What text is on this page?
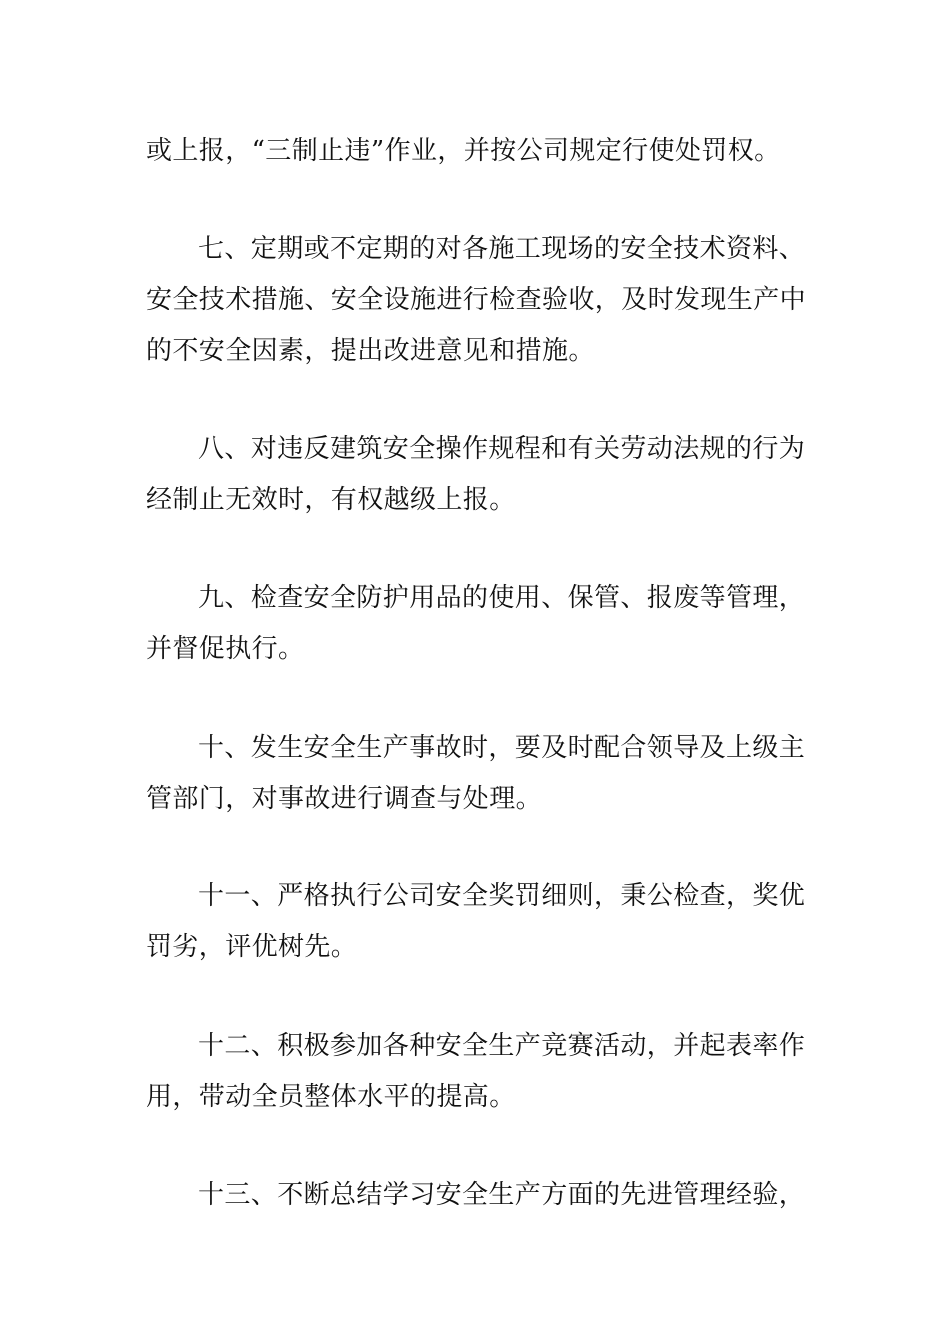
或上报，“三制止违”作业，并按公司规定行使处罚权。
七、定期或不定期的对各施工现场的安全技术资料、
安全技术措施、安全设施进行检查验收，及时发现生产中
的不安全因素，提出改进意见和措施。
八、对违反建筑安全操作规程和有关劳动法规的行为
经制止无效时，有权越级上报。
九、检查安全防护用品的使用、保管、报废等管理，
并督促执行。
十、发生安全生产事故时，要及时配合领导及上级主
管部门，对事故进行调查与处理。
十一、严格执行公司安全奖罚细则，秉公检查，奖优
罚劣，评优树先。
十二、积极参加各种安全生产竞赛活动，并起表率作
用，带动全员整体水平的提高。
十三、不断总结学习安全生产方面的先进管理经验，
